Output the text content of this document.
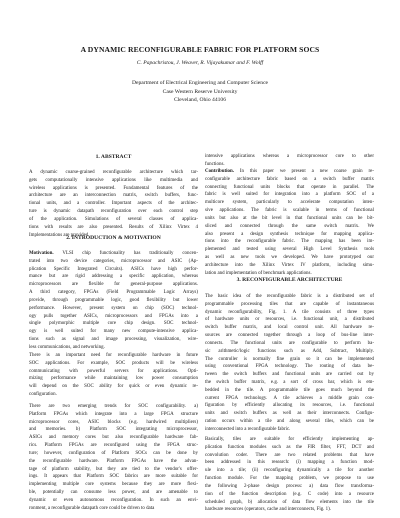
A DYNAMIC RECONFIGURABLE FABRIC FOR PLATFORM SOCS
C. Papachristou, J. Weaver, R. Vijayakumar and F. Wolff
Department of Electrical Engineering and Computer Science
Case Western Reserve University
Cleveland, Ohio 44106
1. ABSTRACT
A dynamic coarse-grained reconfigurable architecture which tar-
gets computationally intensive applications like multimedia and
wireless applications is presented. Fundamental features of the
architecture are an interconnection matrix, switch buffers, func-
tional units, and a controller. Important aspects of the architec-
ture is dynamic datapath reconfiguration over each control step
of the application. Simulations of several classes of applica-
tions with results are also presented. Results of Xilinx Virtex 4
Implementations are provided.
2. INTRODUCTION & MOTIVATION
Motivation. VLSI chip functionality has traditionally concen-
trated into two device categories, microprocessor and ASIC (Ap-
plication Specific Integrated Circuits). ASICs have high perfor-
mance but are rigid addressing a specific application, whereas
microprocessors are flexible for general-purpose applications.
A third category, FPGAs (Field Programmable Logic Arrays)
provide, through programmable logic, good flexibility but lower
performance. However, present system on chip (SOC) technol-
ogy pulls together ASICs, microprocessors and FPGAs into a
single polymorphic multiple core chip design. SOC technol-
ogy is well suited for many new compute-intensive applica-
tions such as signal and image processing, visualization, wire-
less communications, and networking.
There is an important need for reconfigurable hardware in future
SOC applications. For example, SOC products will be wireless
communicating with powerful servers for applications. Opti-
mizing performance while maintaining low power consumption
will depend on the SOC ability for quick or even dynamic re-
configuration.
There are two emerging trends for SOC configurability. a)
Platform FPGAs which integrate into a large FPGA structure
microprocessor cores, ASIC blocks (e.g. hardwired multipliers)
and memories. b) Platform SOC integrating microprocessor,
ASICs and memory cores but also reconfigurable hardware fab-
rics. Platform FPGAs are reconfigured using the FPGA struc-
ture; however, configuration of Platform SOCs can be done by
the reconfigurable hardware. Platform FPGAs have the advan-
tage of platform stability, but they are tied to the vendor's offer-
ings. It appears that Platform SOC fabrics are more suitable for
implementing multiple core systems because they are more flexi-
ble, potentially can consume less power, and are amenable to
dynamic or even autonomous reconfiguration. In such an envi-
ronment, a reconfigurable datapath core could be driven to data
intensive applications whereas a microprocessor core to other
functions.
Contribution. In this paper we present a new coarse grain re-
configurable architecture fabric based on a switch buffer matrix
connecting functional units blocks that operate in parallel. The
fabric is well suited for integration into a platform SOC of a
multicore system, particularly to accelerate computation inten-
sive applications. The fabric is scalable in terms of functional
units but also at the bit level in that functional units can be bit-
sliced and connected through the same switch matrix. We
also present a design synthesis technique for mapping applica-
tions into the reconfigurable fabric. The mapping has been im-
plemented and tested using several High Level Synthesis tools
as well as new tools we developed. We have prototyped our
architecture into the Xilinx Virtex IV platform, including simu-
lation and implementation of benchmark applications.
3. RECONFIGURABLE ARCHITECTURE
The basic idea of the reconfigurable fabric is a distributed set of
programmable processing tiles that are capable of instantaneous
dynamic reconfigurability, Fig. 1. A tile consists of three types
of hardware units or resources, i.e. functional unit, a distributed
switch buffer matrix, and local control unit. All hardware re-
sources are connected together through a loop of bus-line inter-
connects. The functional units are configurable to perform ba-
sic arithmetic/logic functions such as Add, Subtract, Multiply.
The controller is normally fine grain so it can be implemented
using conventional FPGA technology. The routing of data be-
tween the switch buffers and functional units are carried out by
the switch buffer matrix, e.g. a sort of cross bar, which is em-
bedded in the tile. A programmable tile goes much beyond the
current FPGA technology. A tile achieves a middle grain con-
figuration by efficiently allocating its resources, i.e. functional
units and switch buffers as well as their interconnects. Configu-
ration occurs within a tile and along several tiles, which can be
interconnected into a reconfigurable fabric.
Basically, tiles are suitable for efficiently implementing ap-
plication function modules such as the FIR filter, FFT, DCT and
convolution coder. There are two related problems that have
been addressed in this research: (i) mapping a function mod-
ule into a tile; (ii) reconfiguring dynamically a tile for another
function module. For the mapping problem, we propose to use
the following 2-phase design process: a) data flow transforma-
tion of the function description (e.g. C code) into a resource
scheduled graph, b) allocation of data flow elements into the tile
hardware resources (operators, cache and interconnects, Fig. 1).
